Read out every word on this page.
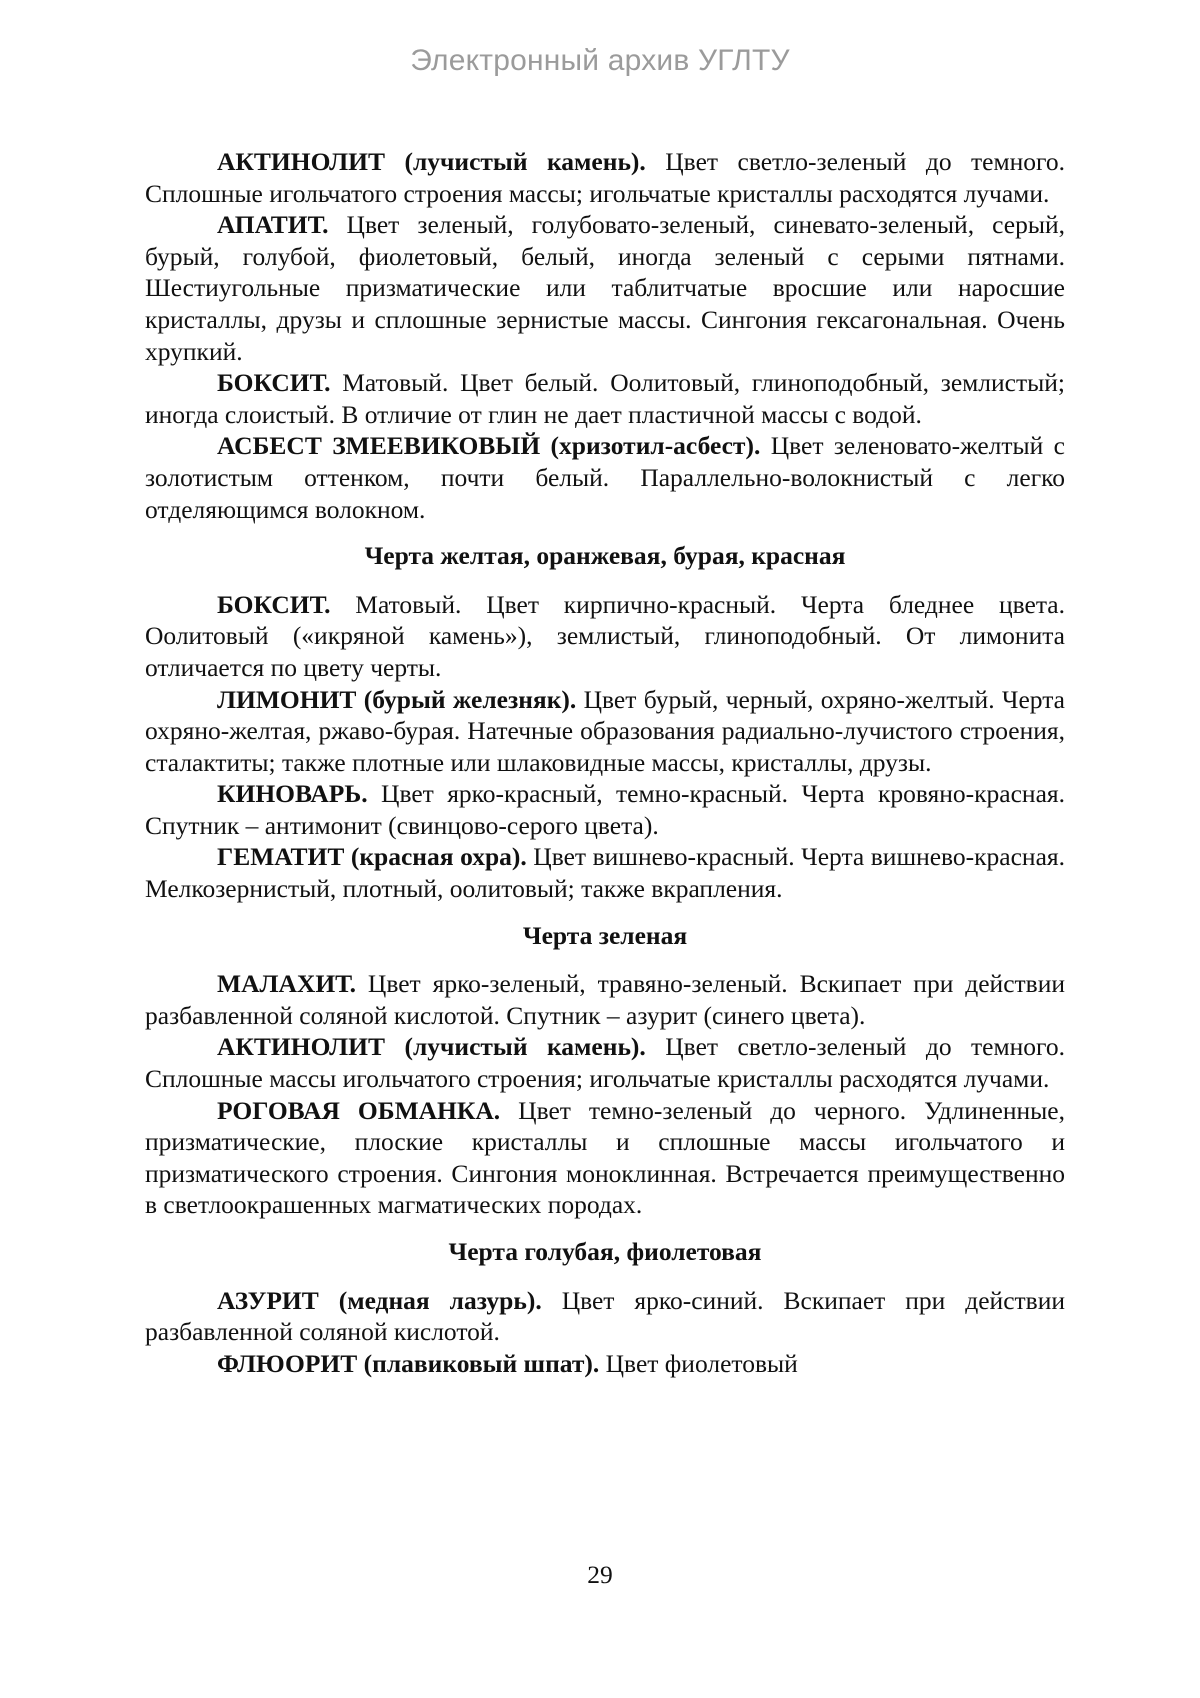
Электронный архив УГЛТУ

АКТИНОЛИТ (лучистый камень). Цвет светло-зеленый до темного. Сплошные игольчатого строения массы; игольчатые кристаллы расходятся лучами.

АПАТИТ. Цвет зеленый, голубовато-зеленый, синевато-зеленый, серый, бурый, голубой, фиолетовый, белый, иногда зеленый с серыми пятнами. Шестиугольные призматические или таблитчатые вросшие или наросшие кристаллы, друзы и сплошные зернистые массы. Сингония гексагональная. Очень хрупкий.

БОКСИТ. Матовый. Цвет белый. Оолитовый, глиноподобный, землистый; иногда слоистый. В отличие от глин не дает пластичной массы с водой.

АСБЕСТ ЗМЕЕВИКОВЫЙ (хризотил-асбест). Цвет зеленовато-желтый с золотистым оттенком, почти белый. Параллельно-волокнистый с легко отделяющимся волокном.

Черта желтая, оранжевая, бурая, красная

БОКСИТ. Матовый. Цвет кирпично-красный. Черта бледнее цвета. Оолитовый («икряной камень»), землистый, глиноподобный. От лимонита отличается по цвету черты.

ЛИМОНИТ (бурый железняк). Цвет бурый, черный, охряно-желтый. Черта охряно-желтая, ржаво-бурая. Натечные образования радиально-лучистого строения, сталактиты; также плотные или шлаковидные массы, кристаллы, друзы.

КИНОВАРЬ. Цвет ярко-красный, темно-красный. Черта кровяно-красная. Спутник – антимонит (свинцово-серого цвета).

ГЕМАТИТ (красная охра). Цвет вишнево-красный. Черта вишнево-красная. Мелкозернистый, плотный, оолитовый; также вкрапления.

Черта зеленая

МАЛАХИТ. Цвет ярко-зеленый, травяно-зеленый. Вскипает при действии разбавленной соляной кислотой. Спутник – азурит (синего цвета).

АКТИНОЛИТ (лучистый камень). Цвет светло-зеленый до темного. Сплошные массы игольчатого строения; игольчатые кристаллы расходятся лучами.

РОГОВАЯ ОБМАНКА. Цвет темно-зеленый до черного. Удлиненные, призматические, плоские кристаллы и сплошные массы игольчатого и призматического строения. Сингония моноклинная. Встречается преимущественно в светлоокрашенных магматических породах.

Черта голубая, фиолетовая

АЗУРИТ (медная лазурь). Цвет ярко-синий. Вскипает при действии разбавленной соляной кислотой.

ФЛЮОРИТ (плавиковый шпат). Цвет фиолетовый

29
